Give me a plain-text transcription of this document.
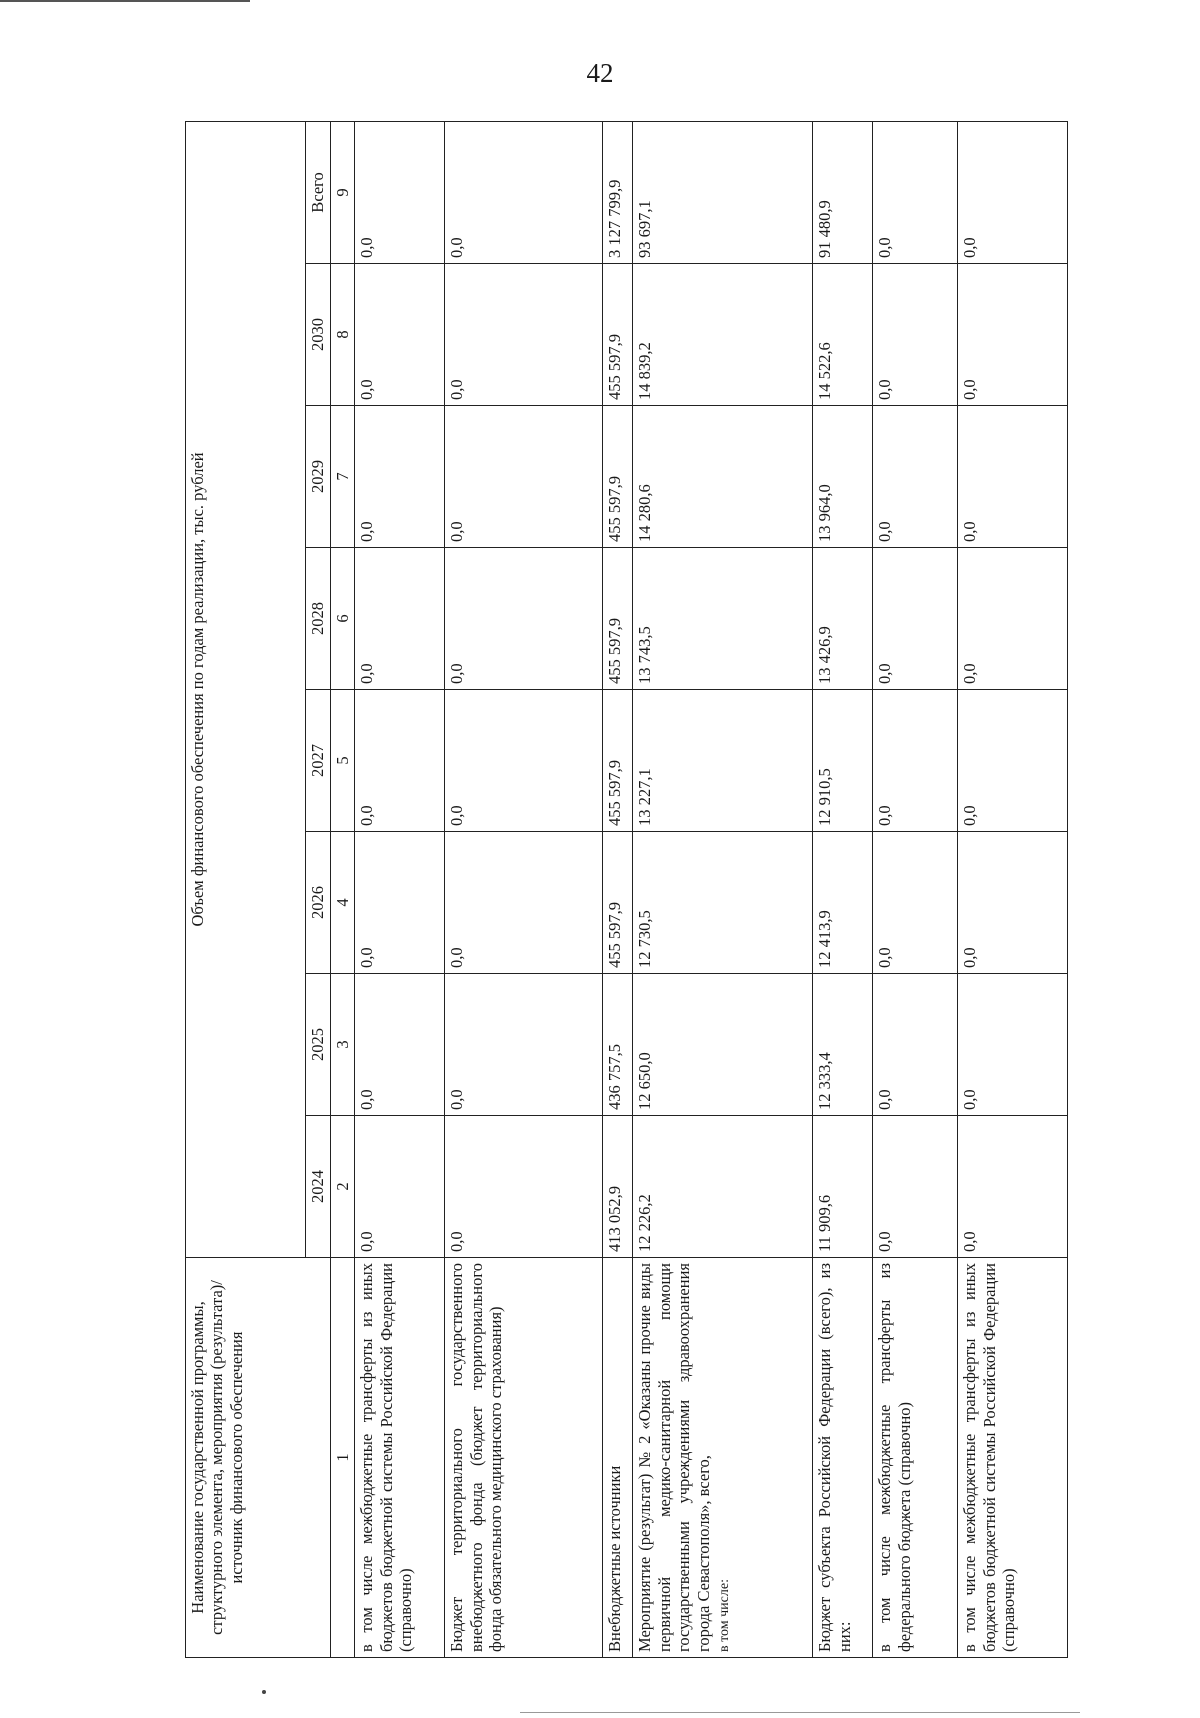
42
Наименование государственной программы, структурного элемента, мероприятия (результата)/источник финансового обеспечения	Объем финансового обеспечения по годам реализации, тыс. рублей							
	2024	2025	2026	2027	2028	2029	2030	Всего
1	2	3	4	5	6	7	8	9
в том числе межбюджетные трансферты из иных бюджетов бюджетной системы Российской Федерации (справочно)	0,0	0,0	0,0	0,0	0,0	0,0	0,0	0,0
Бюджет территориального государственного внебюджетного фонда (бюджет территориального фонда обязательного медицинского страхования)	0,0	0,0	0,0	0,0	0,0	0,0	0,0	0,0
Внебюджетные источники	413 052,9	436 757,5	455 597,9	455 597,9	455 597,9	455 597,9	455 597,9	3 127 799,9
Мероприятие (результат) № 2 «Оказаны прочие виды первичной медико-санитарной помощи государственными учреждениями здравоохранения города Севастополя», всего, в том числе:	12 226,2	12 650,0	12 730,5	13 227,1	13 743,5	14 280,6	14 839,2	93 697,1
Бюджет субъекта Российской Федерации (всего), из них:	11 909,6	12 333,4	12 413,9	12 910,5	13 426,9	13 964,0	14 522,6	91 480,9
в том числе межбюджетные трансферты из федерального бюджета (справочно)	0,0	0,0	0,0	0,0	0,0	0,0	0,0	0,0
в том числе межбюджетные трансферты из иных бюджетов бюджетной системы Российской Федерации (справочно)	0,0	0,0	0,0	0,0	0,0	0,0	0,0	0,0
